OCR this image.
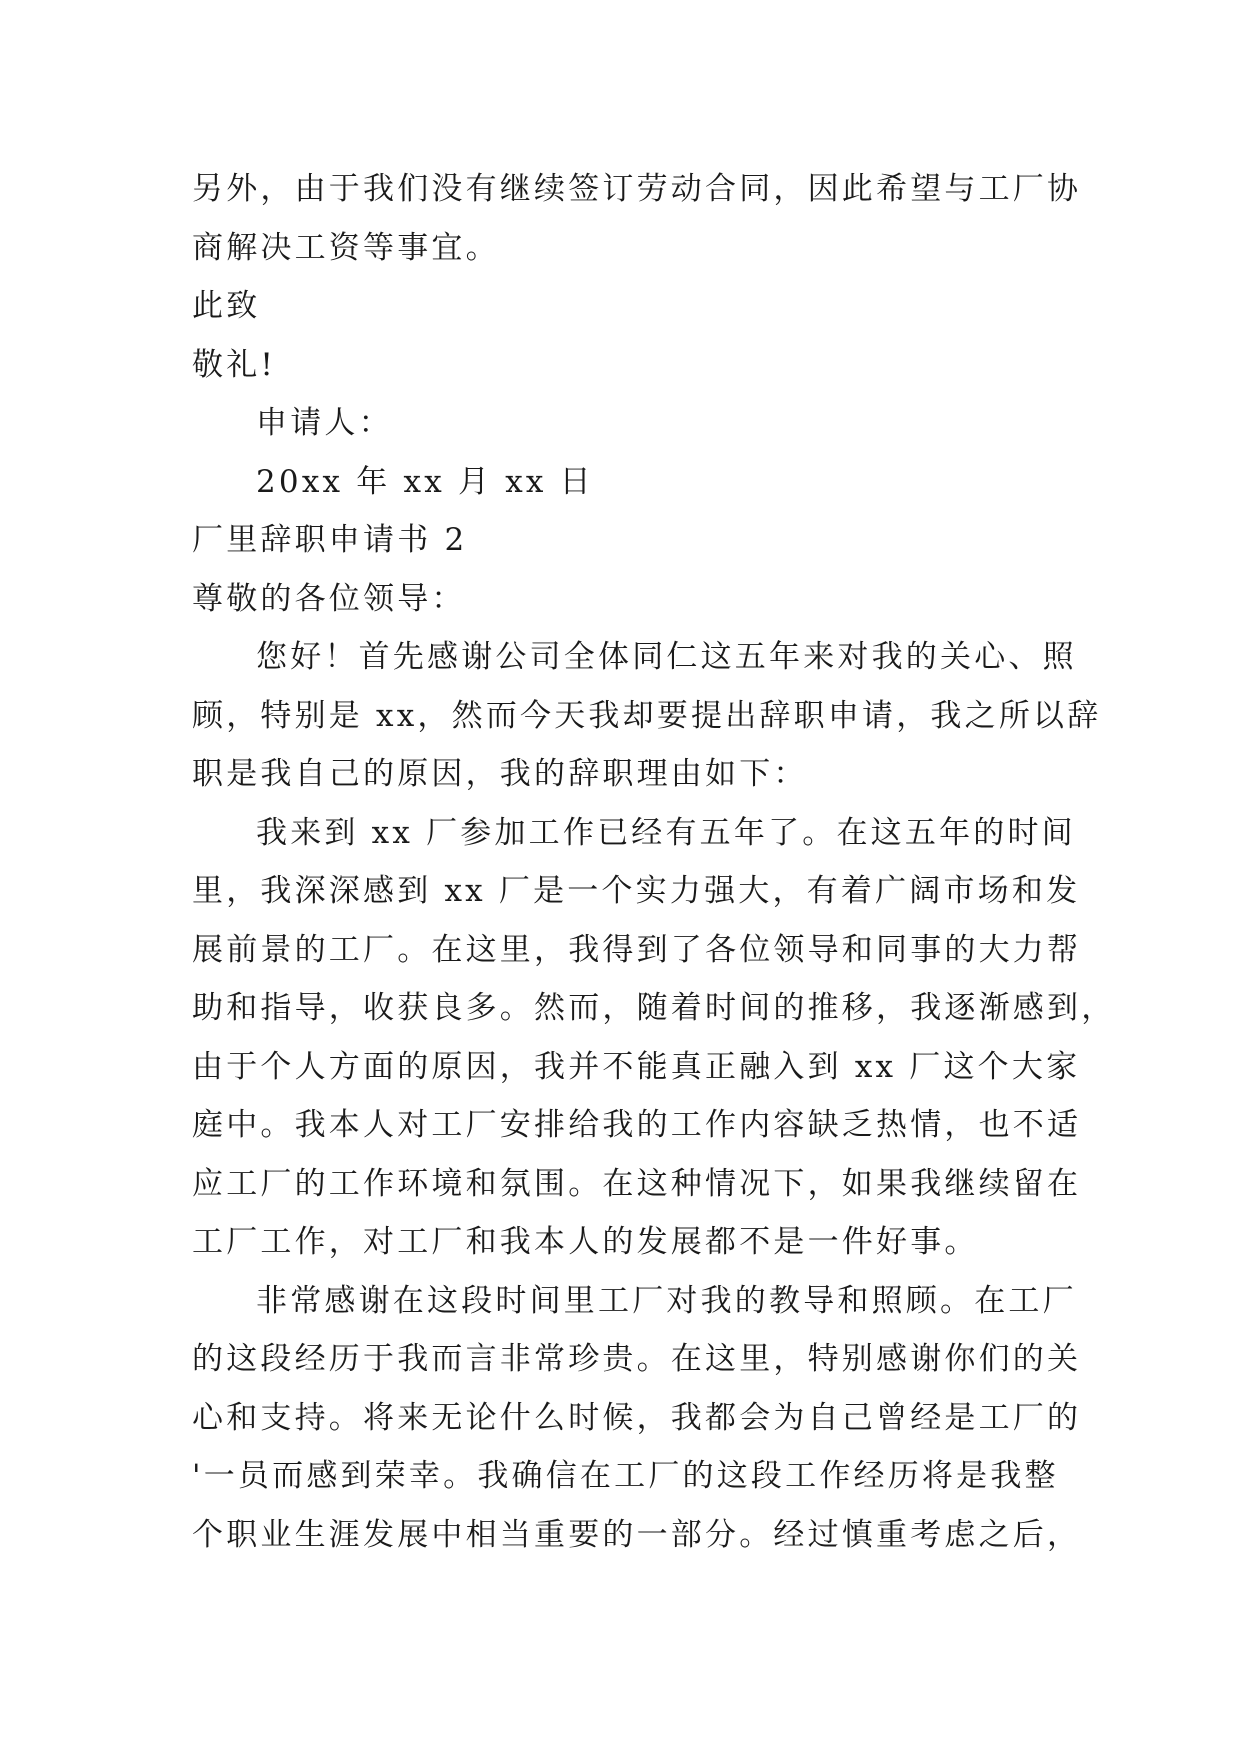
另外，由于我们没有继续签订劳动合同，因此希望与工厂协
商解决工资等事宜。
此致
敬礼!
申请人：
20xx 年 xx 月 xx 日
厂里辞职申请书 2
尊敬的各位领导：
您好！首先感谢公司全体同仁这五年来对我的关心、照
顾，特别是 xx，然而今天我却要提出辞职申请，我之所以辞
职是我自己的原因，我的辞职理由如下：
我来到 xx 厂参加工作已经有五年了。在这五年的时间
里，我深深感到 xx 厂是一个实力强大，有着广阔市场和发
展前景的工厂。在这里，我得到了各位领导和同事的大力帮
助和指导，收获良多。然而，随着时间的推移，我逐渐感到，
由于个人方面的原因，我并不能真正融入到 xx 厂这个大家
庭中。我本人对工厂安排给我的工作内容缺乏热情，也不适
应工厂的工作环境和氛围。在这种情况下，如果我继续留在
工厂工作，对工厂和我本人的发展都不是一件好事。
非常感谢在这段时间里工厂对我的教导和照顾。在工厂
的这段经历于我而言非常珍贵。在这里，特别感谢你们的关
心和支持。将来无论什么时候，我都会为自己曾经是工厂的
'一员而感到荣幸。我确信在工厂的这段工作经历将是我整
个职业生涯发展中相当重要的一部分。经过慎重考虑之后，
